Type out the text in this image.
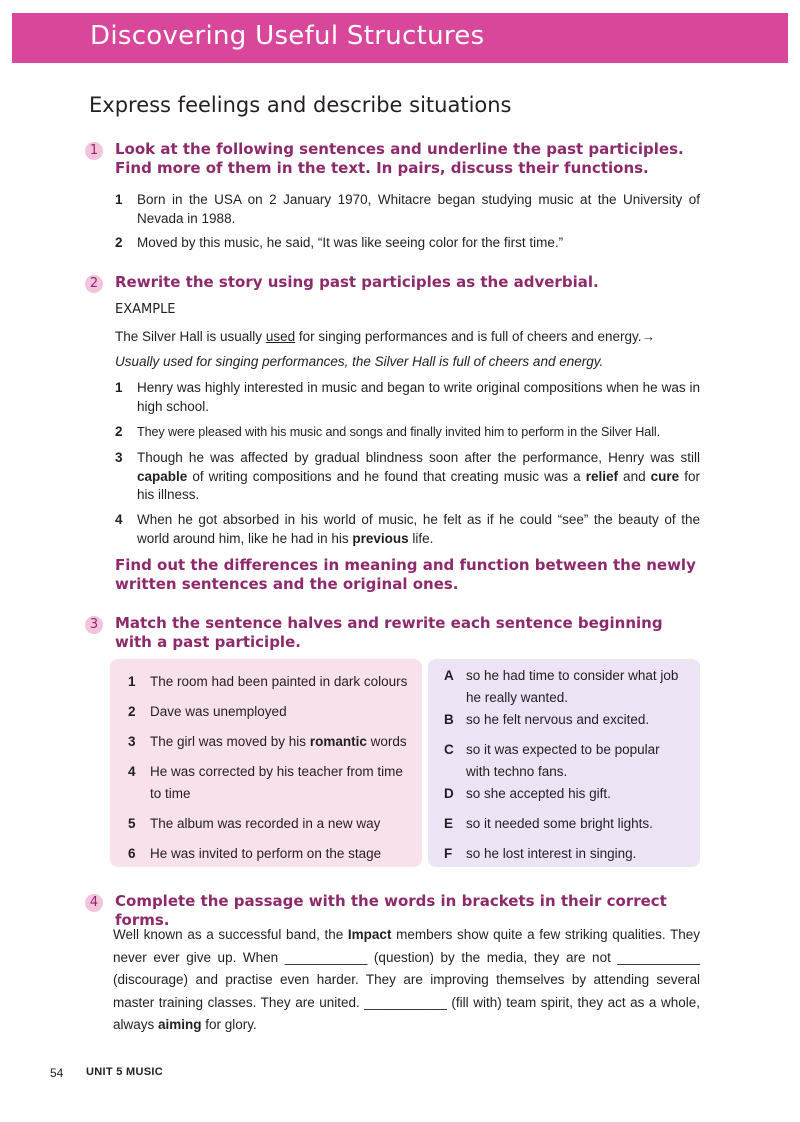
Discovering Useful Structures
Express feelings and describe situations
1	Look at the following sentences and underline the past participles. Find more of them in the text. In pairs, discuss their functions.
1 Born in the USA on 2 January 1970, Whitacre began studying music at the University of Nevada in 1988.
2 Moved by this music, he said, “It was like seeing color for the first time.”
2	Rewrite the story using past participles as the adverbial.
EXAMPLE
The Silver Hall is usually used for singing performances and is full of cheers and energy.→
Usually used for singing performances, the Silver Hall is full of cheers and energy.
1 Henry was highly interested in music and began to write original compositions when he was in high school.
2 They were pleased with his music and songs and finally invited him to perform in the Silver Hall.
3 Though he was affected by gradual blindness soon after the performance, Henry was still capable of writing compositions and he found that creating music was a relief and cure for his illness.
4 When he got absorbed in his world of music, he felt as if he could “see” the beauty of the world around him, like he had in his previous life.
Find out the differences in meaning and function between the newly written sentences and the original ones.
3	Match the sentence halves and rewrite each sentence beginning with a past participle.
1 The room had been painted in dark colours
2 Dave was unemployed
3 The girl was moved by his romantic words
4 He was corrected by his teacher from time
to time
5 The album was recorded in a new way
6 He was invited to perform on the stage
A so he had time to consider what job
he really wanted.
B so he felt nervous and excited.
C so it was expected to be popular
with techno fans.
D so she accepted his gift.
E so it needed some bright lights.
F so he lost interest in singing.
4	Complete the passage with the words in brackets in their correct forms.
Well known as a successful band, the Impact members show quite a few striking qualities. They never ever give up. When ___________ (question) by the media, they are not ___________ (discourage) and practise even harder. They are improving themselves by attending several master training classes. They are united. ___________ (fill with) team spirit, they act as a whole, always aiming for glory.
54 UNIT 5 MUSIC
